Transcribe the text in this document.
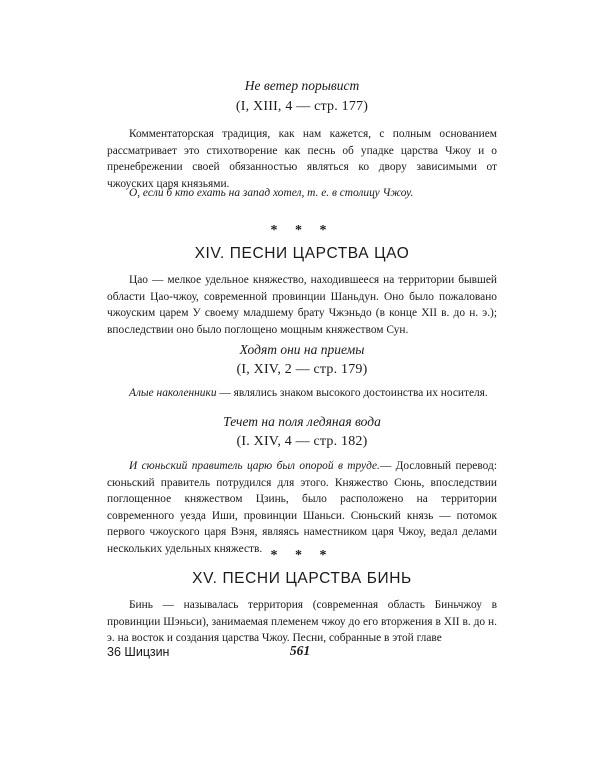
Не ветер порывист
(I, XIII, 4 — стр. 177)

Комментаторская традиция, как нам кажется, с полным основанием рассматривает это стихотворение как песнь об упадке царства Чжоу и о пренебрежении своей обязанностью являться ко двору зависимыми от чжоуских царя князьями.

О, если б кто ехать на запад хотел, т. е. в столицу Чжоу.

* * *
XIV. ПЕСНИ ЦАРСТВА ЦАО

Цао — мелкое удельное княжество, находившееся на территории бывшей области Цао-чжоу, современной провинции Шаньдун. Оно было пожаловано чжоуским царем У своему младшему брату Чжэньдо (в конце XII в. до н. э.); впоследствии оно было поглощено мощным княжеством Сун.

Ходят они на приемы
(I, XIV, 2 — стр. 179)

Алые наколенники — являлись знаком высокого достоинства их носителя.

Течет на поля ледяная вода
(I. XIV, 4 — стр. 182)

И сюньский правитель царю был опорой в труде.— Дословный перевод: сюньский правитель потрудился для этого. Княжество Сюнь, впоследствии поглощенное княжеством Цзинь, было расположено на территории современного уезда Иши, провинции Шаньси. Сюньский князь — потомок первого чжоуского царя Вэня, являясь наместником царя Чжоу, ведал делами нескольких удельных княжеств. * * *
XV. ПЕСНИ ЦАРСТВА БИНЬ

Бинь — называлась территория (современная область Биньчжоу в провинции Шэньси), занимаемая племенем чжоу до его вторжения в XII в. до н. э. на восток и создания царства Чжоу. Песни, собранные в этой главе

36 Шицзин	561
